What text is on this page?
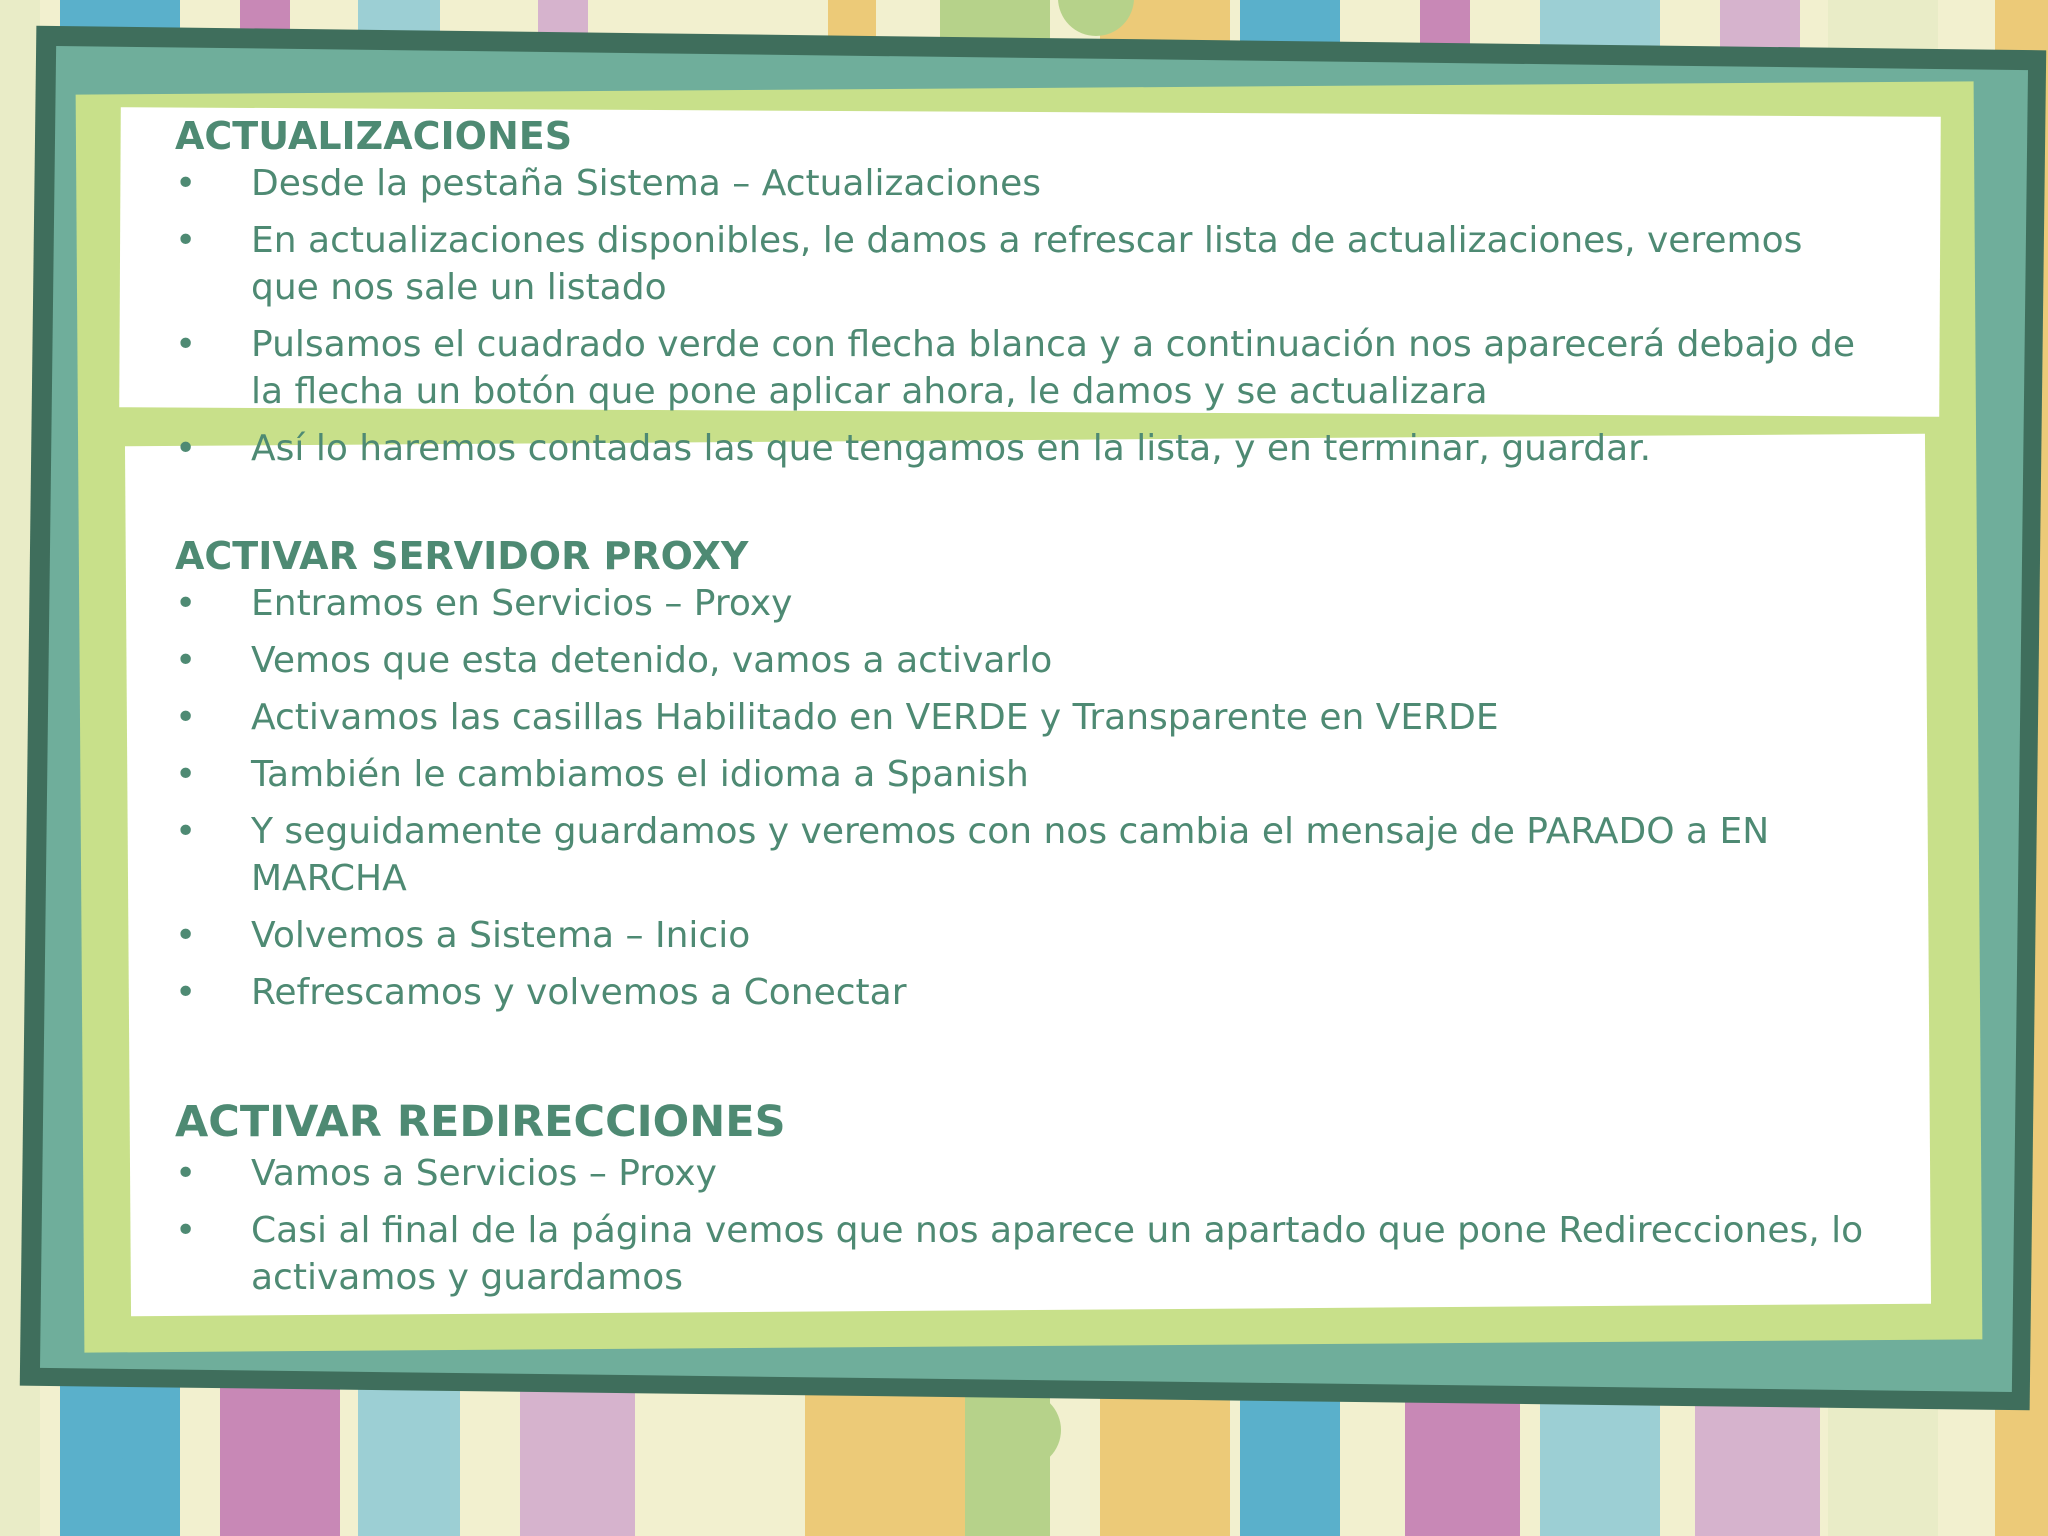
ACTUALIZACIONES
• Desde la pestaña Sistema – Actualizaciones
• En actualizaciones disponibles, le damos a refrescar lista de actualizaciones, veremos que nos sale un listado
• Pulsamos el cuadrado verde con flecha blanca y a continuación nos aparecerá debajo de la flecha un botón que pone aplicar ahora, le damos y se actualizara
• Así lo haremos contadas las que tengamos en la lista, y en terminar, guardar.
ACTIVAR SERVIDOR PROXY
• Entramos en Servicios – Proxy
• Vemos que esta detenido, vamos a activarlo
• Activamos las casillas Habilitado en VERDE y Transparente en VERDE
• También le cambiamos el idioma a Spanish
• Y seguidamente guardamos y veremos con nos cambia el mensaje de PARADO a EN MARCHA
• Volvemos a Sistema – Inicio
• Refrescamos y volvemos a Conectar
ACTIVAR REDIRECCIONES
• Vamos a Servicios – Proxy
• Casi al final de la página vemos que nos aparece un apartado que pone Redirecciones, lo activamos y guardamos
